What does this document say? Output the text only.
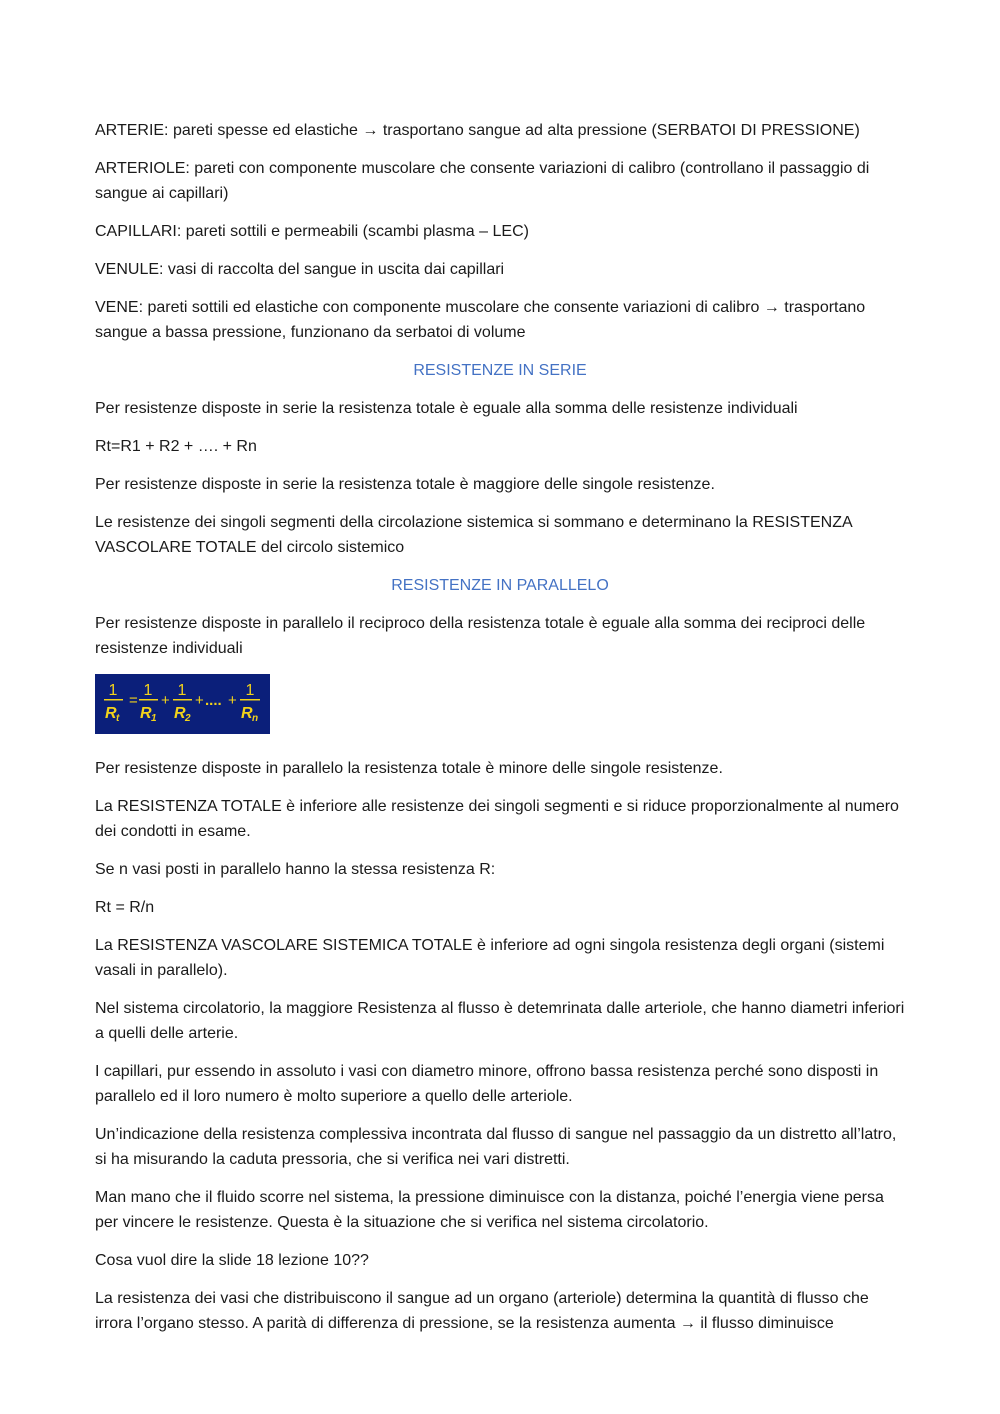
ARTERIE: pareti spesse ed elastiche → trasportano sangue ad alta pressione (SERBATOI DI PRESSIONE)

ARTERIOLE: pareti con componente muscolare che consente variazioni di calibro (controllano il passaggio di sangue ai capillari)

CAPILLARI: pareti sottili e permeabili (scambi plasma – LEC)

VENULE: vasi di raccolta del sangue in uscita dai capillari

VENE: pareti sottili ed elastiche con componente muscolare che consente variazioni di calibro → trasportano sangue a bassa pressione, funzionano da serbatoi di volume

RESISTENZE IN SERIE

Per resistenze disposte in serie la resistenza totale è eguale alla somma delle resistenze individuali

Rt=R1 + R2 + …. + Rn

Per resistenze disposte in serie la resistenza totale è maggiore delle singole resistenze.

Le resistenze dei singoli segmenti della circolazione sistemica si sommano e determinano la RESISTENZA VASCOLARE TOTALE del circolo sistemico

RESISTENZE IN PARALLELO

Per resistenze disposte in parallelo il reciproco della resistenza totale è eguale alla somma dei reciproci delle resistenze individuali

1
R t
=
1
R 1
+
1
R 2
+ .... +
1
R n

Per resistenze disposte in parallelo la resistenza totale è minore delle singole resistenze.

La RESISTENZA TOTALE è inferiore alle resistenze dei singoli segmenti e si riduce proporzionalmente al numero dei condotti in esame.

Se n vasi posti in parallelo hanno la stessa resistenza R:

Rt = R/n

La RESISTENZA VASCOLARE SISTEMICA TOTALE è inferiore ad ogni singola resistenza degli organi (sistemi vasali in parallelo).

Nel sistema circolatorio, la maggiore Resistenza al flusso è detemrinata dalle arteriole, che hanno diametri inferiori a quelli delle arterie.

I capillari, pur essendo in assoluto i vasi con diametro minore, offrono bassa resistenza perché sono disposti in parallelo ed il loro numero è molto superiore a quello delle arteriole.

Un’indicazione della resistenza complessiva incontrata dal flusso di sangue nel passaggio da un distretto all’latro, si ha misurando la caduta pressoria, che si verifica nei vari distretti.

Man mano che il fluido scorre nel sistema, la pressione diminuisce con la distanza, poiché l’energia viene persa per vincere le resistenze. Questa è la situazione che si verifica nel sistema circolatorio.

Cosa vuol dire la slide 18 lezione 10??

La resistenza dei vasi che distribuiscono il sangue ad un organo (arteriole) determina la quantità di flusso che irrora l’organo stesso. A parità di differenza di pressione, se la resistenza aumenta → il flusso diminuisce
